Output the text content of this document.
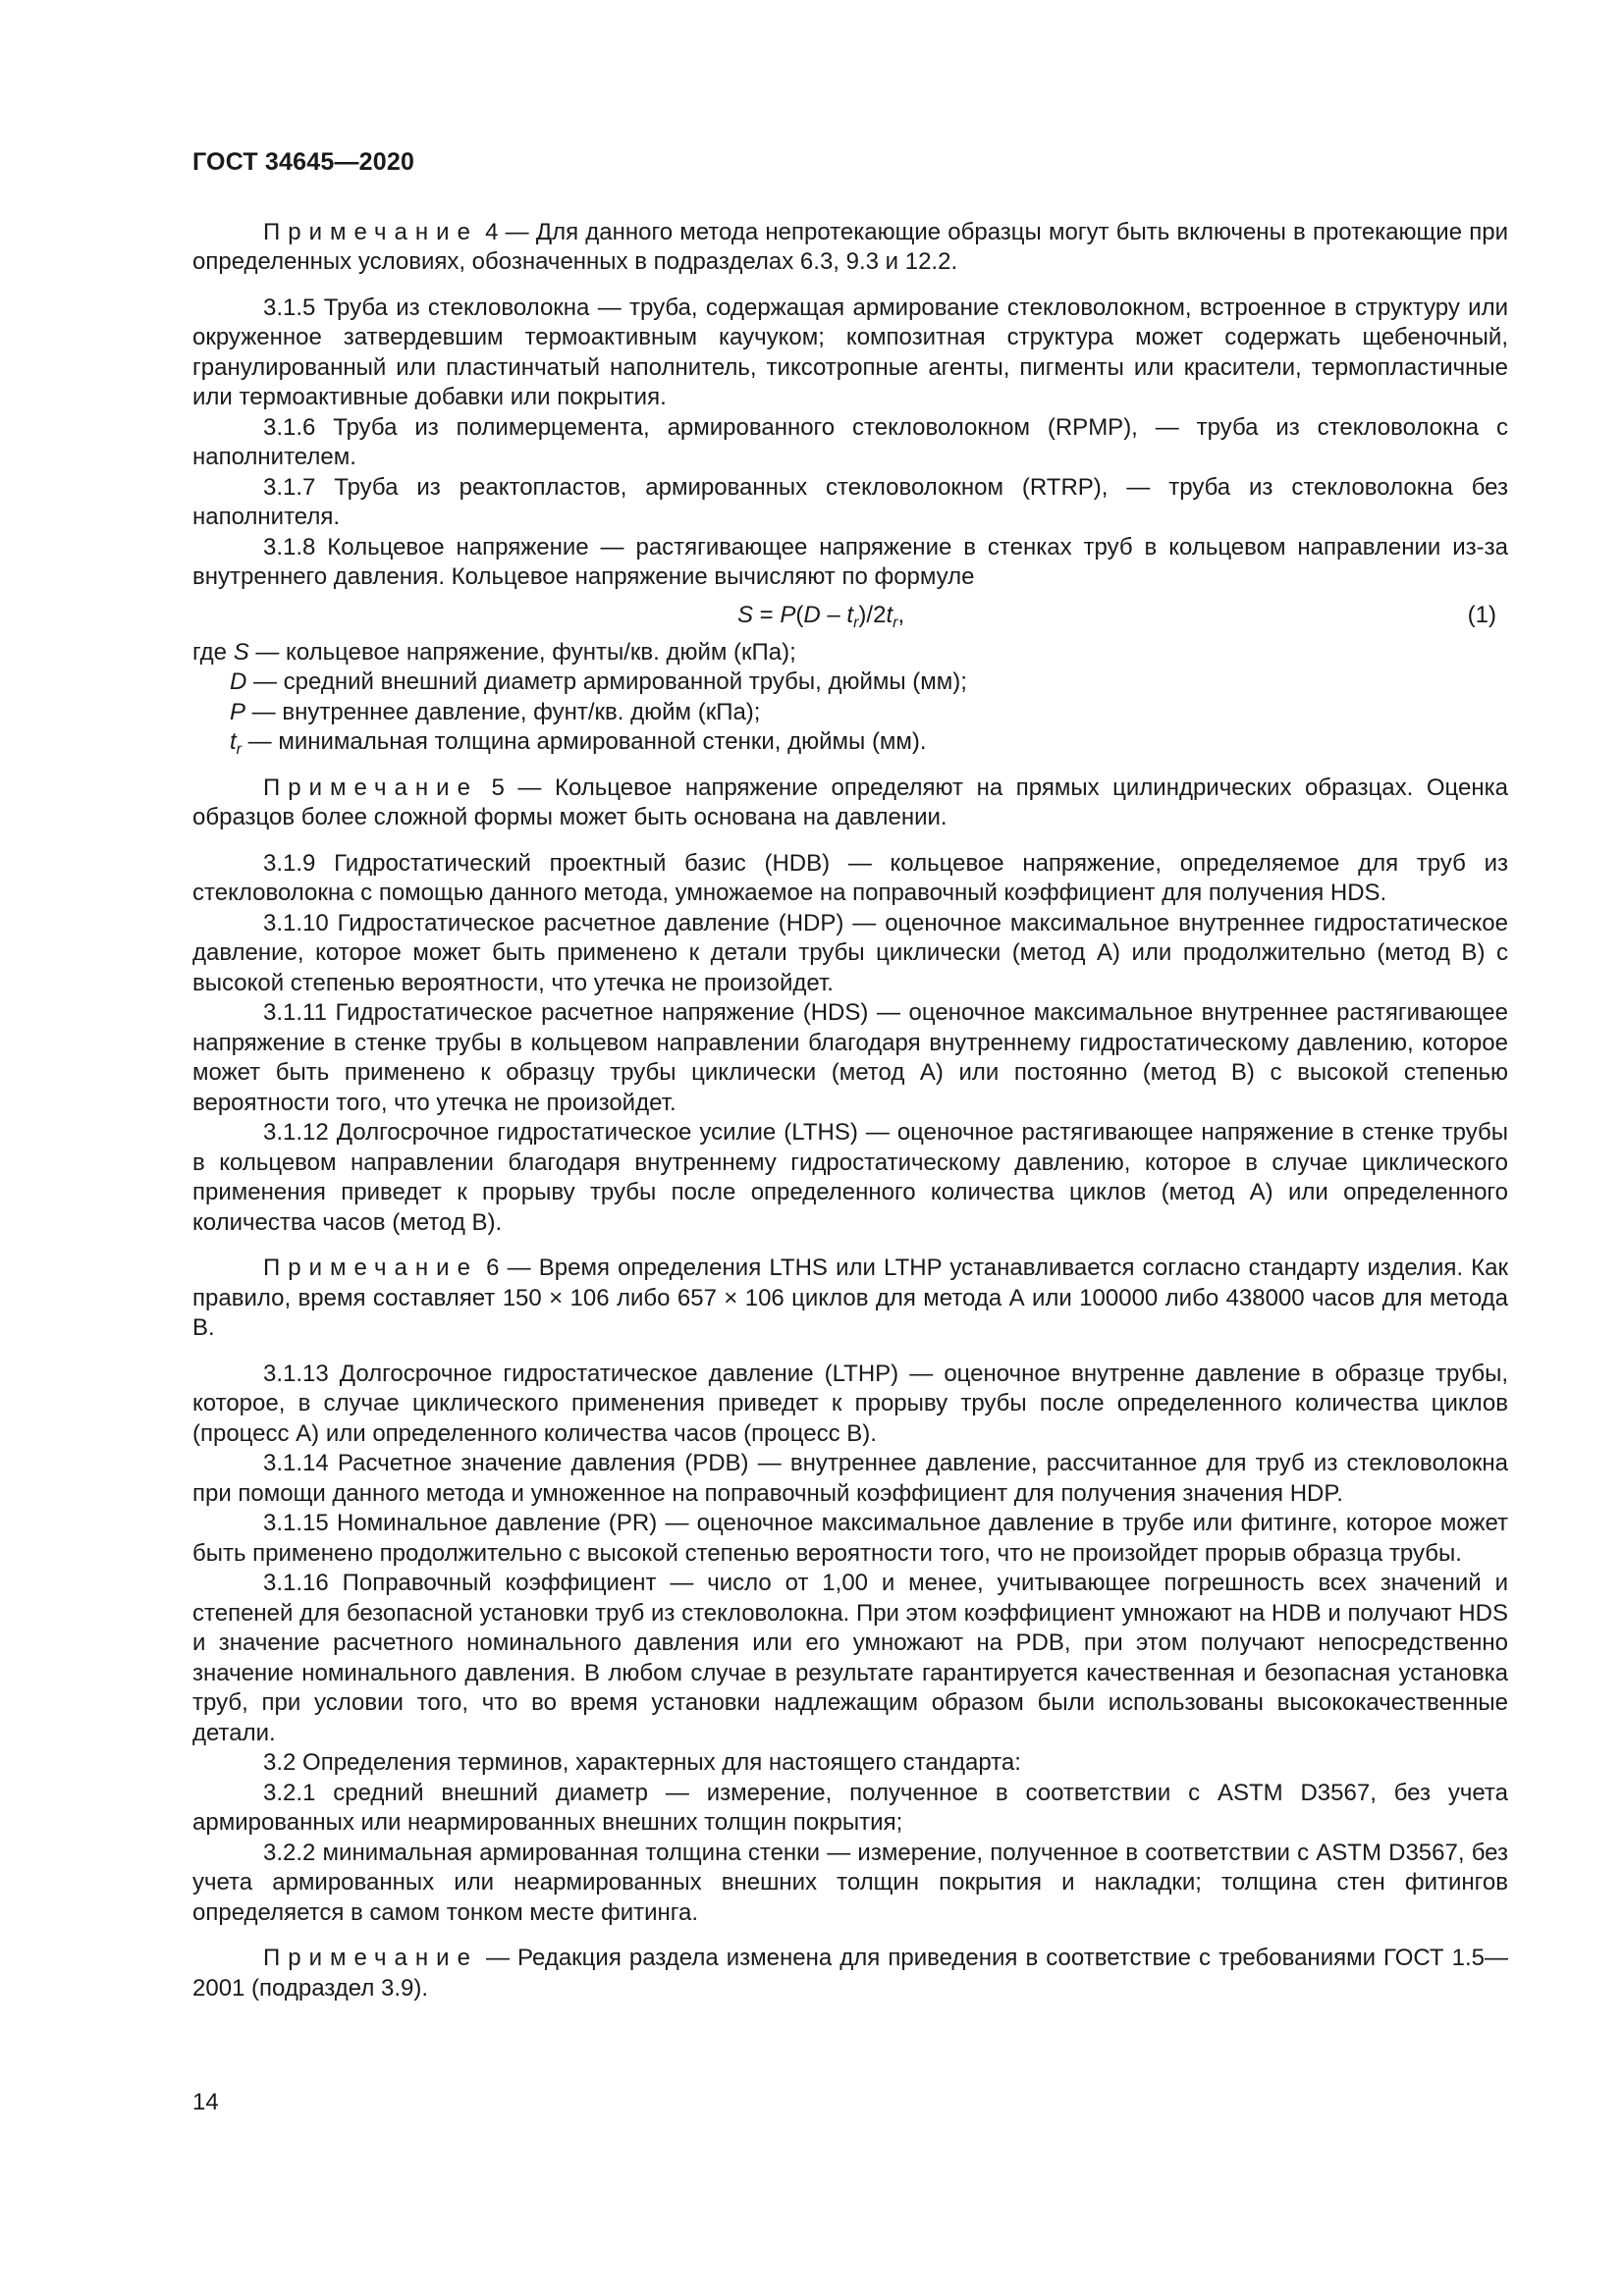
ГОСТ 34645—2020

Примечание 4 — Для данного метода непротекающие образцы могут быть включены в протекающие при определенных условиях, обозначенных в подразделах 6.3, 9.3 и 12.2.

3.1.5 Труба из стекловолокна — труба, содержащая армирование стекловолокном, встроенное в структуру или окруженное затвердевшим термоактивным каучуком; композитная структура может содержать щебеночный, гранулированный или пластинчатый наполнитель, тиксотропные агенты, пигменты или красители, термопластичные или термоактивные добавки или покрытия.

3.1.6 Труба из полимерцемента, армированного стекловолокном (RPMP), — труба из стекловолокна с наполнителем.

3.1.7 Труба из реактопластов, армированных стекловолокном (RTRP), — труба из стекловолокна без наполнителя.

3.1.8 Кольцевое напряжение — растягивающее напряжение в стенках труб в кольцевом направлении из-за внутреннего давления. Кольцевое напряжение вычисляют по формуле

$S = P(D - t_r)/2t_r$,	(1)

где S — кольцевое напряжение, фунты/кв. дюйм (кПа);

D — средний внешний диаметр армированной трубы, дюймы (мм);

P — внутреннее давление, фунт/кв. дюйм (кПа);

$t_r$ — минимальная толщина армированной стенки, дюймы (мм).

Примечание 5 — Кольцевое напряжение определяют на прямых цилиндрических образцах. Оценка образцов более сложной формы может быть основана на давлении.

3.1.9 Гидростатический проектный базис (HDB) — кольцевое напряжение, определяемое для труб из стекловолокна с помощью данного метода, умножаемое на поправочный коэффициент для получения HDS.

3.1.10 Гидростатическое расчетное давление (HDP) — оценочное максимальное внутреннее гидростатическое давление, которое может быть применено к детали трубы циклически (метод А) или продолжительно (метод В) с высокой степенью вероятности, что утечка не произойдет.

3.1.11 Гидростатическое расчетное напряжение (HDS) — оценочное максимальное внутреннее растягивающее напряжение в стенке трубы в кольцевом направлении благодаря внутреннему гидростатическому давлению, которое может быть применено к образцу трубы циклически (метод А) или постоянно (метод В) с высокой степенью вероятности того, что утечка не произойдет.

3.1.12 Долгосрочное гидростатическое усилие (LTHS) — оценочное растягивающее напряжение в стенке трубы в кольцевом направлении благодаря внутреннему гидростатическому давлению, которое в случае циклического применения приведет к прорыву трубы после определенного количества циклов (метод А) или определенного количества часов (метод В).

Примечание 6 — Время определения LTHS или LTHP устанавливается согласно стандарту изделия. Как правило, время составляет 150 × 106 либо 657 × 106 циклов для метода А или 100000 либо 438000 часов для метода В.

3.1.13 Долгосрочное гидростатическое давление (LTHP) — оценочное внутренне давление в образце трубы, которое, в случае циклического применения приведет к прорыву трубы после определенного количества циклов (процесс А) или определенного количества часов (процесс В).

3.1.14 Расчетное значение давления (PDB) — внутреннее давление, рассчитанное для труб из стекловолокна при помощи данного метода и умноженное на поправочный коэффициент для получения значения HDP.

3.1.15 Номинальное давление (PR) — оценочное максимальное давление в трубе или фитинге, которое может быть применено продолжительно с высокой степенью вероятности того, что не произойдет прорыв образца трубы.

3.1.16 Поправочный коэффициент — число от 1,00 и менее, учитывающее погрешность всех значений и степеней для безопасной установки труб из стекловолокна. При этом коэффициент умножают на HDB и получают HDS и значение расчетного номинального давления или его умножают на PDB, при этом получают непосредственно значение номинального давления. В любом случае в результате гарантируется качественная и безопасная установка труб, при условии того, что во время установки надлежащим образом были использованы высококачественные детали.

3.2 Определения терминов, характерных для настоящего стандарта:

3.2.1 средний внешний диаметр — измерение, полученное в соответствии с ASTM D3567, без учета армированных или неармированных внешних толщин покрытия;

3.2.2 минимальная армированная толщина стенки — измерение, полученное в соответствии с ASTM D3567, без учета армированных или неармированных внешних толщин покрытия и накладки; толщина стен фитингов определяется в самом тонком месте фитинга.

Примечание — Редакция раздела изменена для приведения в соответствие с требованиями ГОСТ 1.5—2001 (подраздел 3.9).

14
